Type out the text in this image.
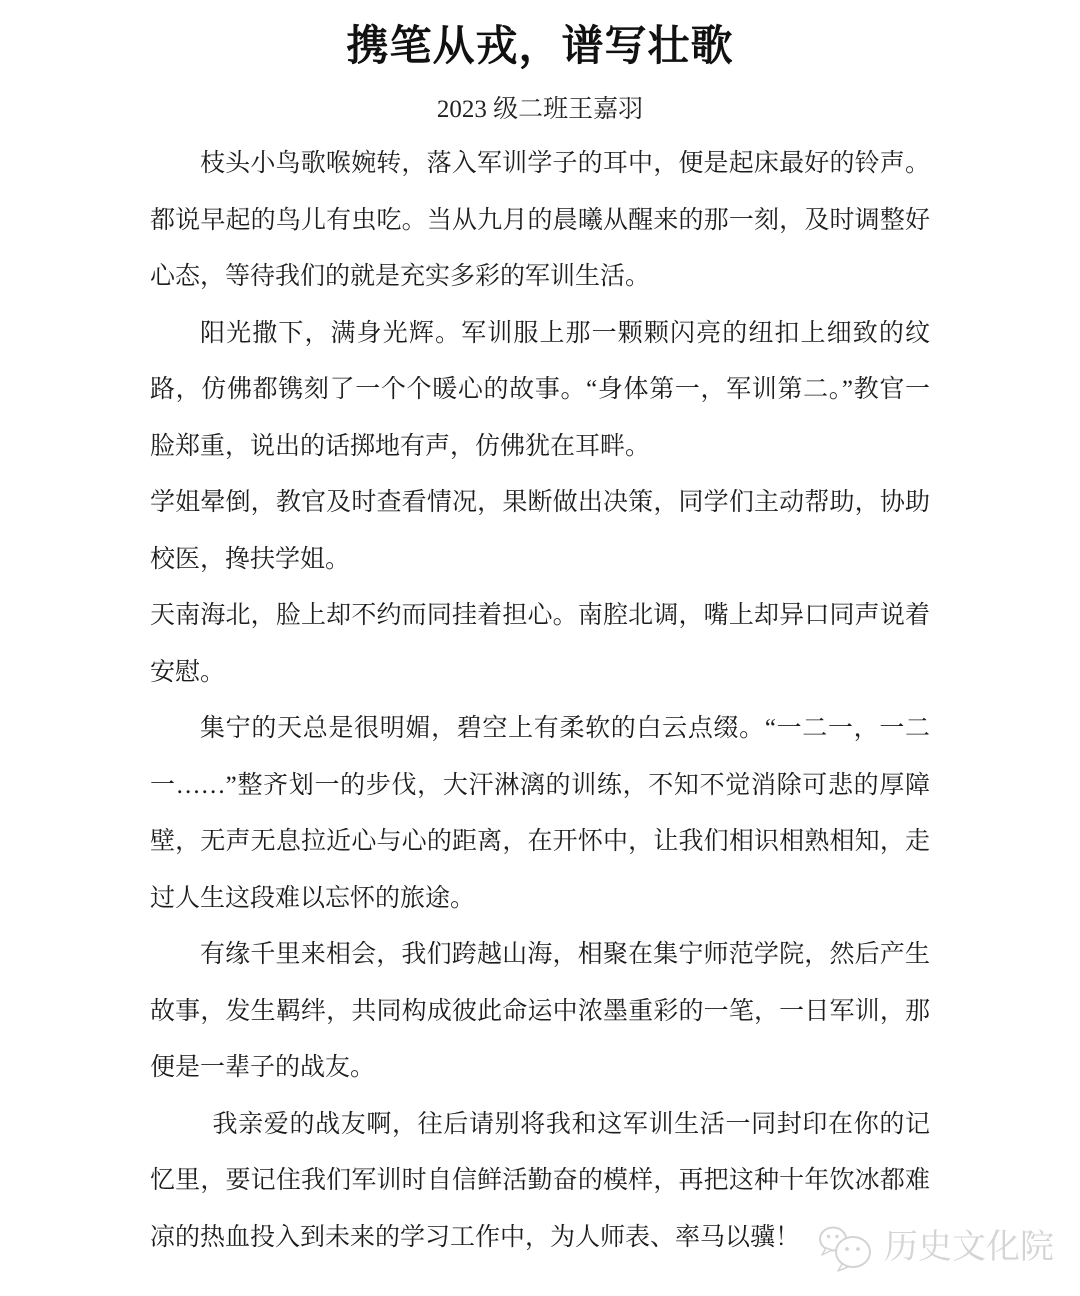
携笔从戎，谱写壮歌
2023 级二班王嘉羽

枝头小鸟歌喉婉转，落入军训学子的耳中，便是起床最好的铃声。都说早起的鸟儿有虫吃。当从九月的晨曦从醒来的那一刻，及时调整好心态，等待我们的就是充实多彩的军训生活。

阳光撒下，满身光辉。军训服上那一颗颗闪亮的纽扣上细致的纹路，仿佛都镌刻了一个个暖心的故事。“身体第一，军训第二。”教官一脸郑重，说出的话掷地有声，仿佛犹在耳畔。

学姐晕倒，教官及时查看情况，果断做出决策，同学们主动帮助，协助校医，搀扶学姐。

天南海北，脸上却不约而同挂着担心。南腔北调，嘴上却异口同声说着安慰。

集宁的天总是很明媚，碧空上有柔软的白云点缀。“一二一，一二一……”整齐划一的步伐，大汗淋漓的训练，不知不觉消除可悲的厚障壁，无声无息拉近心与心的距离，在开怀中，让我们相识相熟相知，走过人生这段难以忘怀的旅途。

有缘千里来相会，我们跨越山海，相聚在集宁师范学院，然后产生故事，发生羁绊，共同构成彼此命运中浓墨重彩的一笔，一日军训，那便是一辈子的战友。

我亲爱的战友啊，往后请别将我和这军训生活一同封印在你的记忆里，要记住我们军训时自信鲜活勤奋的模样，再把这种十年饮冰都难凉的热血投入到未来的学习工作中，为人师表、率马以骥！	历史文化院
